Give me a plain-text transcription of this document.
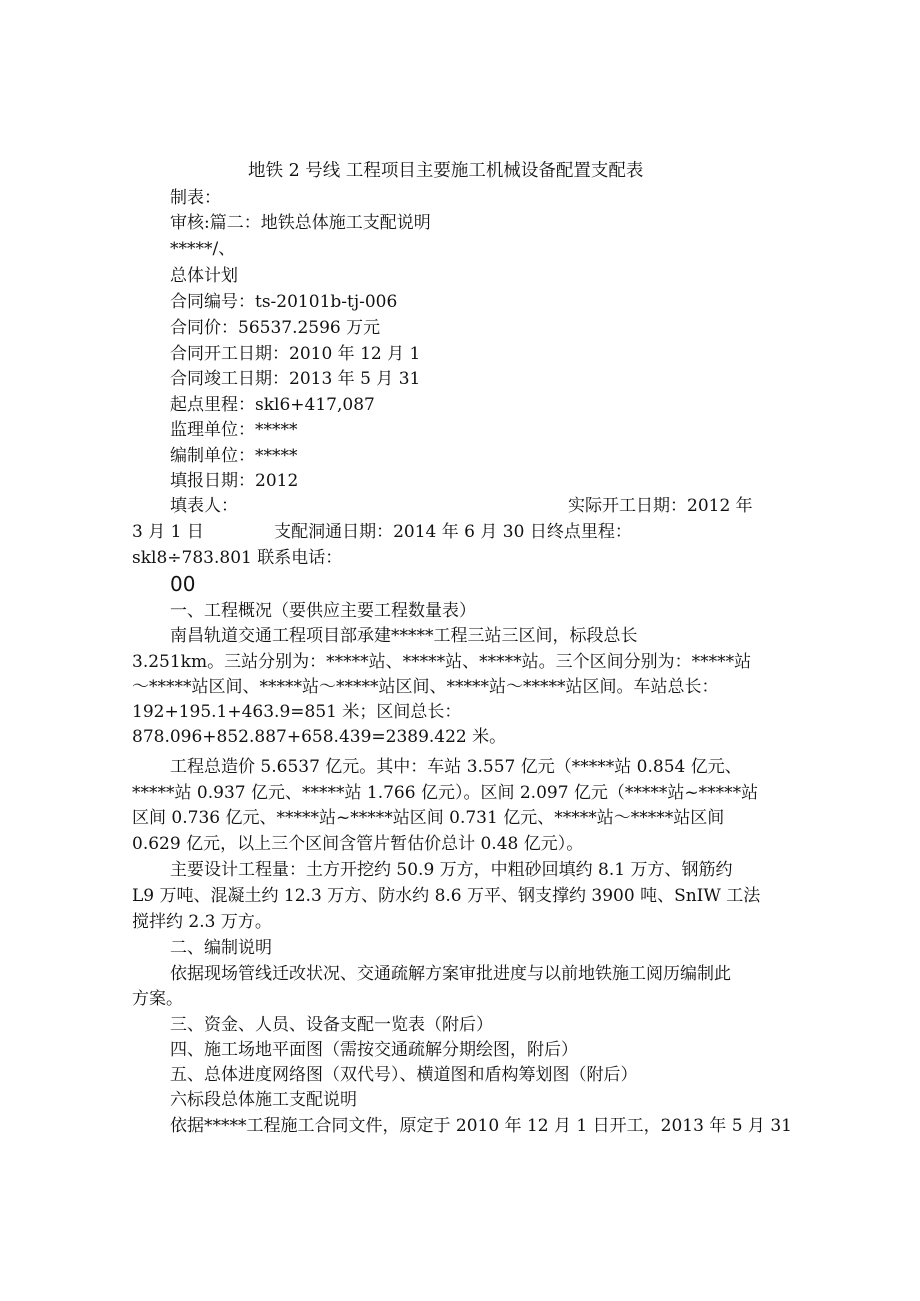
地铁 2 号线 工程项目主要施工机械设备配置支配表
制表：
审核:篇二：地铁总体施工支配说明
*****/、
总体计划
合同编号：ts-20101b-tj-006
合同价：56537.2596 万元
合同开工日期：2010 年 12 月 1
合同竣工日期：2013 年 5 月 31
起点里程：skl6+417,087
监理单位：*****
编制单位：*****
填报日期：2012
填表人：	实际开工日期：2012 年
3 月 1 日             支配洞通日期：2014 年 6 月 30 日终点里程：
skl8÷783.801 联系电话：
00
一、工程概况（要供应主要工程数量表）
南昌轨道交通工程项目部承建*****工程三站三区间，标段总长
3.251km。三站分别为：*****站、*****站、*****站。三个区间分别为：*****站
～*****站区间、*****站～*****站区间、*****站～*****站区间。车站总长：
192+195.1+463.9=851 米；区间总长：
878.096+852.887+658.439=2389.422 米。
工程总造价 5.6537 亿元。其中：车站 3.557 亿元（*****站 0.854 亿元、
*****站 0.937 亿元、*****站 1.766 亿元）。区间 2.097 亿元（*****站~*****站
区间 0.736 亿元、*****站~*****站区间 0.731 亿元、*****站～*****站区间
0.629 亿元，以上三个区间含管片暂估价总计 0.48 亿元）。
主要设计工程量：土方开挖约 50.9 万方，中粗砂回填约 8.1 万方、钢筋约
L9 万吨、混凝土约 12.3 万方、防水约 8.6 万平、钢支撑约 3900 吨、SnIW 工法
搅拌约 2.3 万方。
二、编制说明
依据现场管线迁改状况、交通疏解方案审批进度与以前地铁施工阅历编制此
方案。
三、资金、人员、设备支配一览表（附后）
四、施工场地平面图（需按交通疏解分期绘图，附后）
五、总体进度网络图（双代号）、横道图和盾构筹划图（附后）
六标段总体施工支配说明
依据*****工程施工合同文件，原定于 2010 年 12 月 1 日开工，2013 年 5 月 31
